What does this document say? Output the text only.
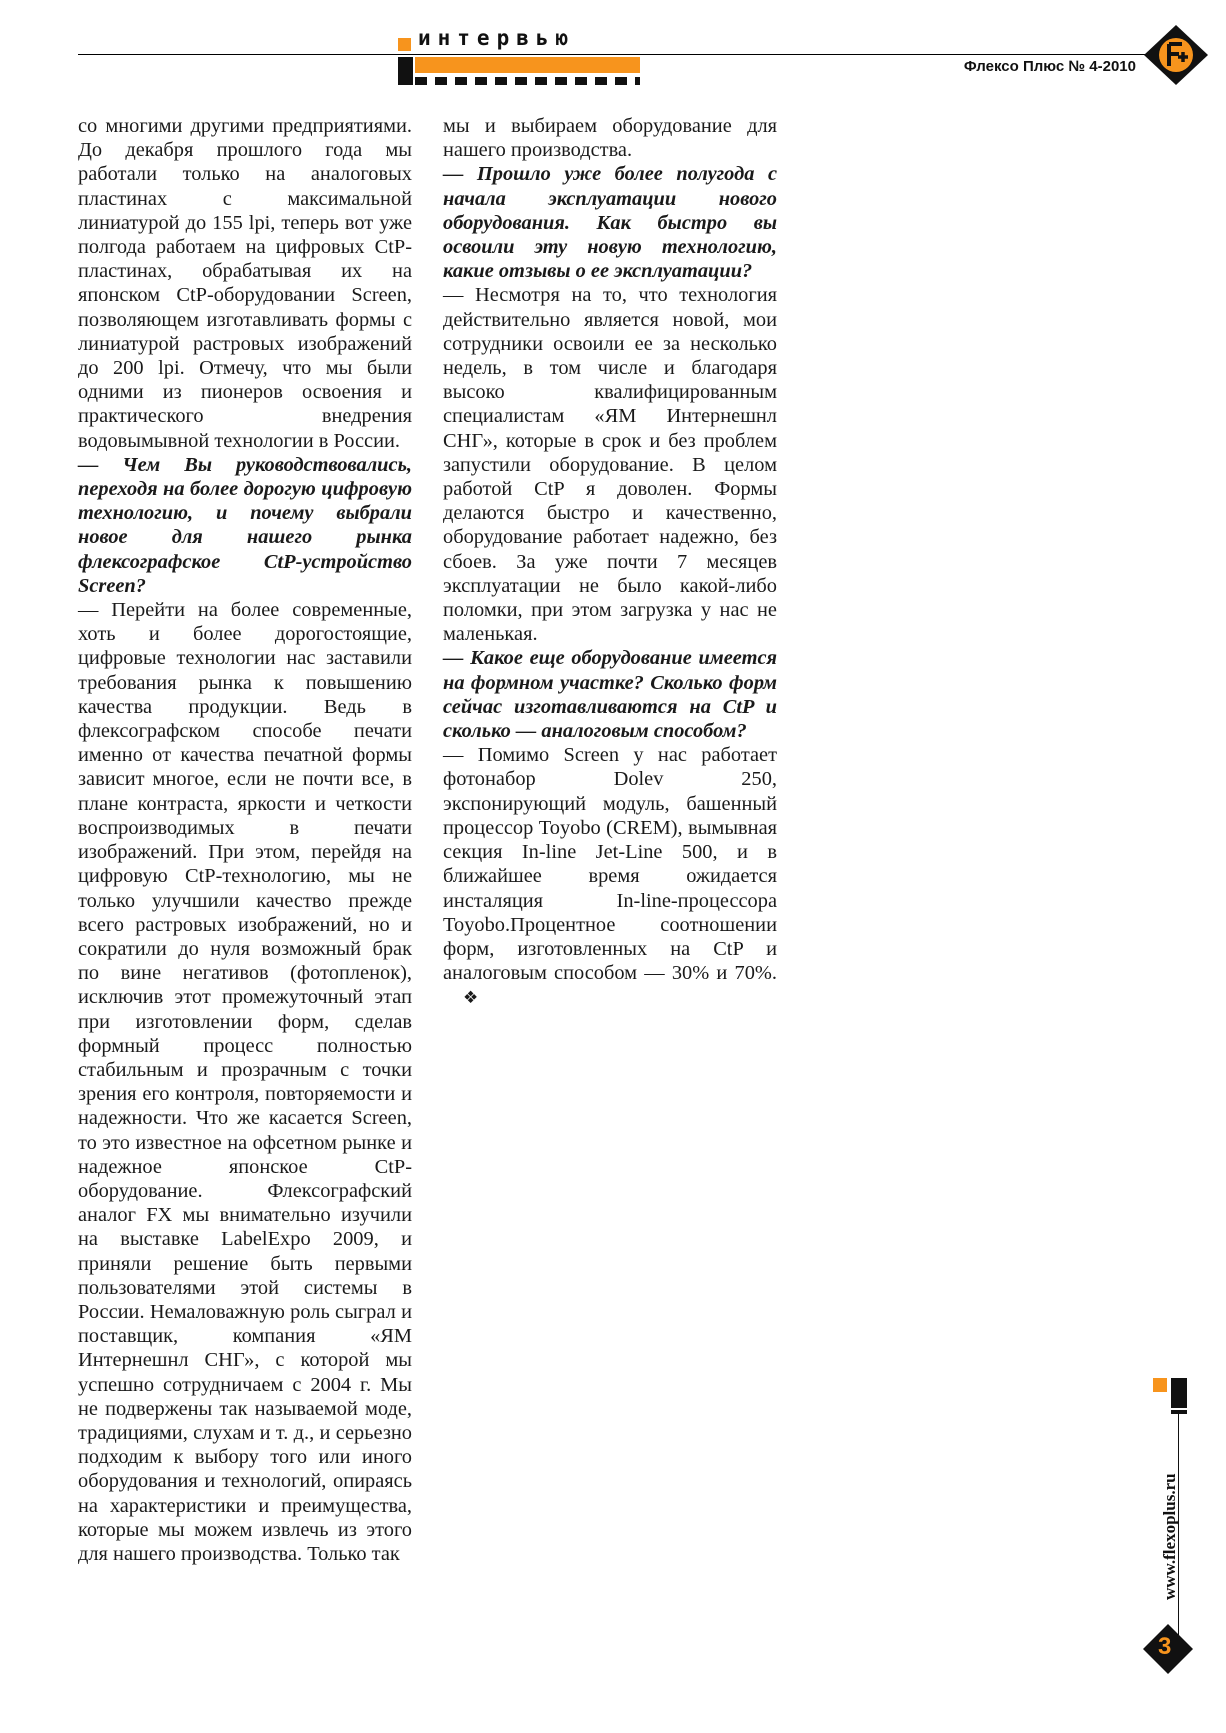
интервью
Флексо Плюс № 4-2010

со многими другими предприятиями. До декабря прошлого года мы работали только на аналоговых пластинах с максимальной линиатурой до 155 lpi, теперь вот уже полгода работаем на цифровых CtP-пластинах, обрабатывая их на японском CtP-оборудовании Screen, позволяющем изготавливать формы с линиатурой растровых изображений до 200 lpi. Отмечу, что мы были одними из пионеров освоения и практического внедрения водовымывной технологии в России.

— Чем Вы руководствовались, переходя на более дорогую цифровую технологию, и почему выбрали новое для нашего рынка флексографское CtP-устройство Screen?

— Перейти на более современные, хоть и более дорогостоящие, цифровые технологии нас заставили требования рынка к повышению качества продукции. Ведь в флексографском способе печати именно от качества печатной формы зависит многое, если не почти все, в плане контраста, яркости и четкости воспроизводимых в печати изображений. При этом, перейдя на цифровую CtP-технологию, мы не только улучшили качество прежде всего растровых изображений, но и сократили до нуля возможный брак по вине негативов (фотопленок), исключив этот промежуточный этап при изготовлении форм, сделав формный процесс полностью стабильным и прозрачным с точки зрения его контроля, повторяемости и надежности. Что же касается Screen, то это известное на офсетном рынке и надежное японское CtP-оборудование. Флексографский аналог FX мы внимательно изучили на выставке LabelExpo 2009, и приняли решение быть первыми пользователями этой системы в России. Немаловажную роль сыграл и поставщик, компания «ЯМ Интернешнл СНГ», с которой мы успешно сотрудничаем с 2004 г. Мы не подвержены так называемой моде, традициями, слухам и т. д., и серьезно подходим к выбору того или иного оборудования и технологий, опираясь на характеристики и преимущества, которые мы можем извлечь из этого для нашего производства. Только так

мы и выбираем оборудование для нашего производства.

— Прошло уже более полугода с начала эксплуатации нового оборудования. Как быстро вы освоили эту новую технологию, какие отзывы о ее эксплуатации?

— Несмотря на то, что технология действительно является новой, мои сотрудники освоили ее за несколько недель, в том числе и благодаря высоко квалифицированным специалистам «ЯМ Интернешнл СНГ», которые в срок и без проблем запустили оборудование. В целом работой CtP я доволен. Формы делаются быстро и качественно, оборудование работает надежно, без сбоев. За уже почти 7 месяцев эксплуатации не было какой-либо поломки, при этом загрузка у нас не маленькая.

— Какое еще оборудование имеется на формном участке? Сколько форм сейчас изготавливаются на CtP и сколько — аналоговым способом?

— Помимо Screen у нас работает фотонабор Dolev 250, экспонирующий модуль, башенный процессор Toyobo (CREM), вымывная секция In-line Jet-Line 500, и в ближайшее время ожидается инсталяция In-line-процессора Toyobo.Процентное соотношении форм, изготовленных на CtP и аналоговым способом — 30% и 70%.❖

www.flexoplus.ru
3
